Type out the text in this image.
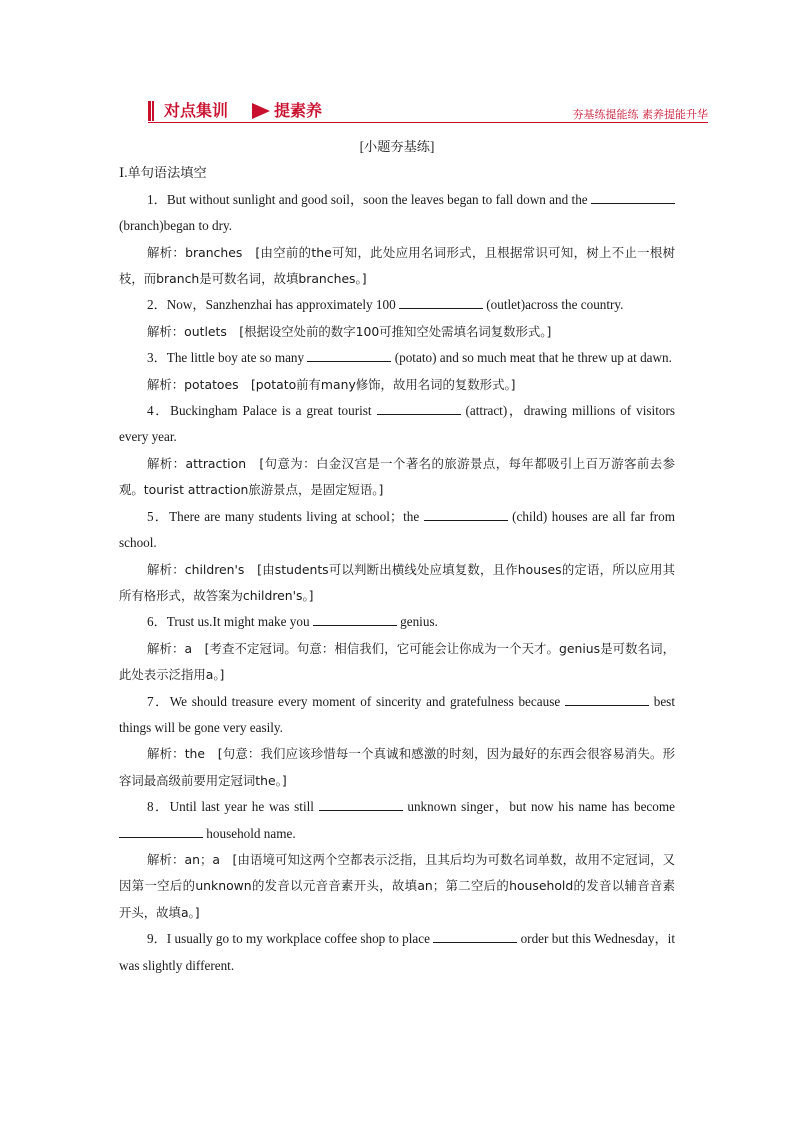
对点集训	提素养	夯基练提能练 素养提能升华

[小题夯基练]

Ⅰ.单句语法填空

1．But without sunlight and good soil，soon the leaves began to fall down and the  (branch)began to dry.

解析：branches　[由空前的the可知，此处应用名词形式，且根据常识可知，树上不止一根树枝，而branch是可数名词，故填branches。]

2．Now，Sanzhenzhai has approximately 100	(outlet)across the country.

解析：outlets　[根据设空处前的数字100可推知空处需填名词复数形式。]

3．The little boy ate so many	(potato) and so much meat that he threw up at dawn.

解析：potatoes　[potato前有many修饰，故用名词的复数形式。]

4．Buckingham Palace is a great tourist	(attract)，drawing millions of visitors every year.

解析：attraction　[句意为：白金汉宫是一个著名的旅游景点，每年都吸引上百万游客前去参观。tourist attraction旅游景点，是固定短语。]

5．There are many students living at school；the	(child) houses are all far from school.

解析：children's　[由students可以判断出横线处应填复数，且作houses的定语，所以应用其所有格形式，故答案为children's。]

6．Trust us.It might make you	genius.

解析：a　[考查不定冠词。句意：相信我们，它可能会让你成为一个天才。genius是可数名词，此处表示泛指用a。]

7．We should treasure every moment of sincerity and gratefulness because	best things will be gone very easily.

解析：the　[句意：我们应该珍惜每一个真诚和感激的时刻，因为最好的东西会很容易消失。形容词最高级前要用定冠词the。]

8．Until last year he was still	unknown singer，but now his name has become  household name.

解析：an；a　[由语境可知这两个空都表示泛指，且其后均为可数名词单数，故用不定冠词，又因第一空后的unknown的发音以元音音素开头，故填an；第二空后的household的发音以辅音音素开头，故填a。]

9．I usually go to my workplace coffee shop to place	order but this Wednesday，it was slightly different.
